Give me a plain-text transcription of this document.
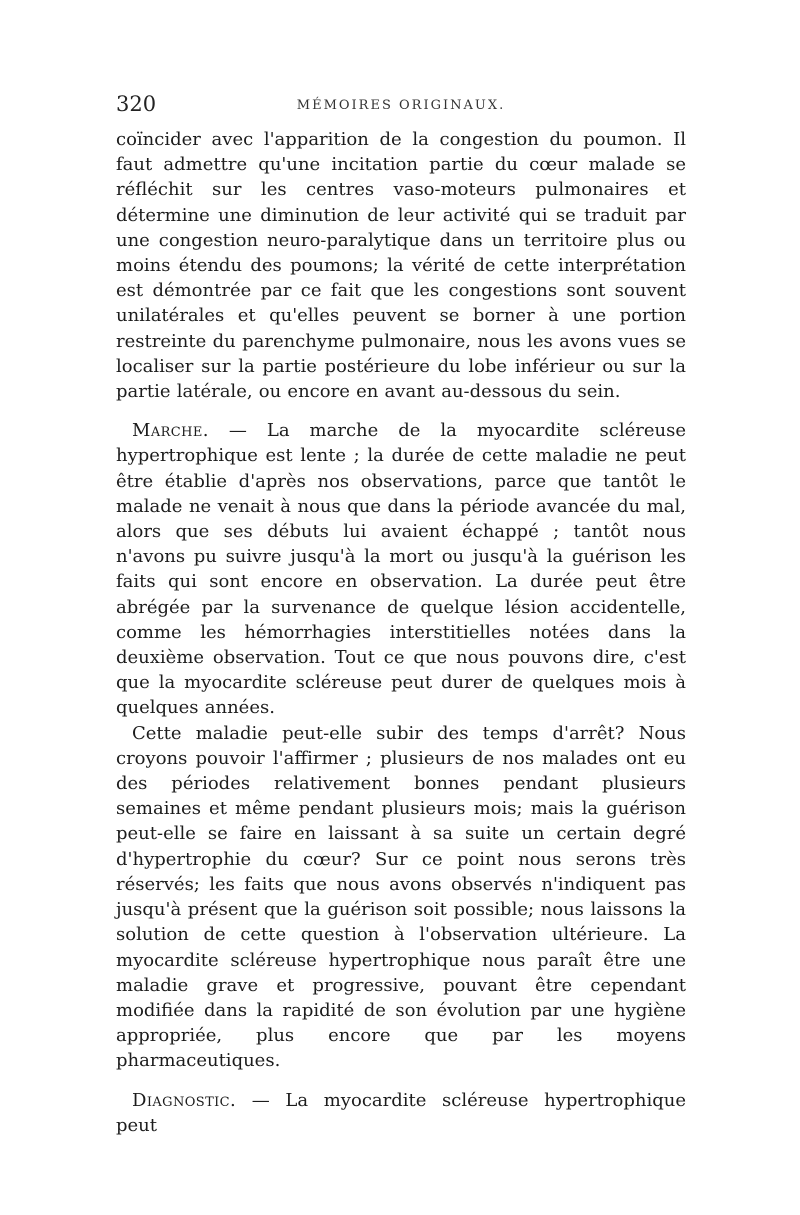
320	MÉMOIRES ORIGINAUX.

coïncider avec l'apparition de la congestion du poumon. Il faut admettre qu'une incitation partie du cœur malade se réfléchit sur les centres vaso-moteurs pulmonaires et détermine une diminution de leur activité qui se traduit par une congestion neuro-paralytique dans un territoire plus ou moins étendu des poumons; la vérité de cette interprétation est démontrée par ce fait que les congestions sont souvent unilatérales et qu'elles peuvent se borner à une portion restreinte du parenchyme pulmonaire, nous les avons vues se localiser sur la partie postérieure du lobe inférieur ou sur la partie latérale, ou encore en avant au-dessous du sein.

Marche. — La marche de la myocardite scléreuse hypertrophique est lente ; la durée de cette maladie ne peut être établie d'après nos observations, parce que tantôt le malade ne venait à nous que dans la période avancée du mal, alors que ses débuts lui avaient échappé ; tantôt nous n'avons pu suivre jusqu'à la mort ou jusqu'à la guérison les faits qui sont encore en observation. La durée peut être abrégée par la survenance de quelque lésion accidentelle, comme les hémorrhagies interstitielles notées dans la deuxième observation. Tout ce que nous pouvons dire, c'est que la myocardite scléreuse peut durer de quelques mois à quelques années.

Cette maladie peut-elle subir des temps d'arrêt? Nous croyons pouvoir l'affirmer ; plusieurs de nos malades ont eu des périodes relativement bonnes pendant plusieurs semaines et même pendant plusieurs mois; mais la guérison peut-elle se faire en laissant à sa suite un certain degré d'hypertrophie du cœur? Sur ce point nous serons très réservés; les faits que nous avons observés n'indiquent pas jusqu'à présent que la guérison soit possible; nous laissons la solution de cette question à l'observation ultérieure. La myocardite scléreuse hypertrophique nous paraît être une maladie grave et progressive, pouvant être cependant modifiée dans la rapidité de son évolution par une hygiène appropriée, plus encore que par les moyens pharmaceutiques.

Diagnostic. — La myocardite scléreuse hypertrophique peut
